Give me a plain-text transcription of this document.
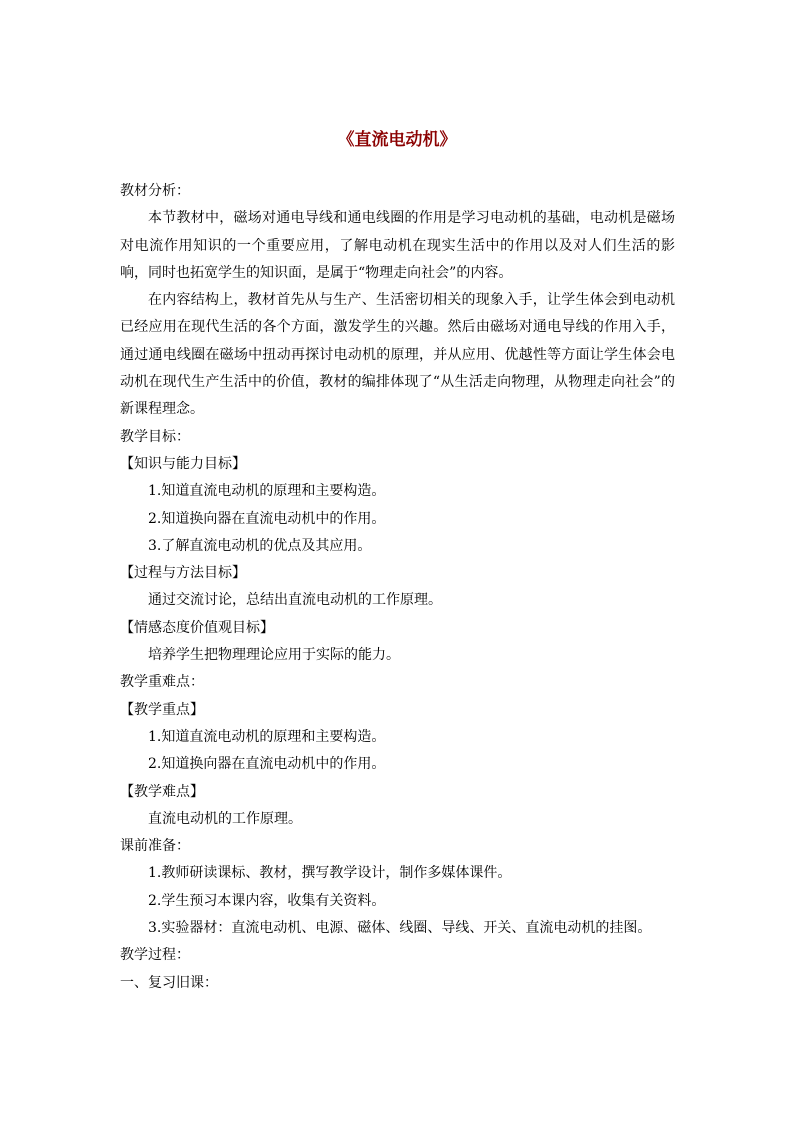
《直流电动机》
教材分析：

本节教材中，磁场对通电导线和通电线圈的作用是学习电动机的基础，电动机是磁场对电流作用知识的一个重要应用，了解电动机在现实生活中的作用以及对人们生活的影响，同时也拓宽学生的知识面，是属于“物理走向社会”的内容。

在内容结构上，教材首先从与生产、生活密切相关的现象入手，让学生体会到电动机已经应用在现代生活的各个方面，激发学生的兴趣。然后由磁场对通电导线的作用入手，通过通电线圈在磁场中扭动再探讨电动机的原理，并从应用、优越性等方面让学生体会电动机在现代生产生活中的价值，教材的编排体现了“从生活走向物理，从物理走向社会”的新课程理念。

教学目标：
【知识与能力目标】
1.知道直流电动机的原理和主要构造。
2.知道换向器在直流电动机中的作用。
3.了解直流电动机的优点及其应用。
【过程与方法目标】
通过交流讨论，总结出直流电动机的工作原理。
【情感态度价值观目标】
培养学生把物理理论应用于实际的能力。
教学重难点：
【教学重点】
1.知道直流电动机的原理和主要构造。
2.知道换向器在直流电动机中的作用。
【教学难点】
直流电动机的工作原理。
课前准备：
1.教师研读课标、教材，撰写教学设计，制作多媒体课件。
2.学生预习本课内容，收集有关资料。
3.实验器材：直流电动机、电源、磁体、线圈、导线、开关、直流电动机的挂图。
教学过程：
一、复习旧课：
